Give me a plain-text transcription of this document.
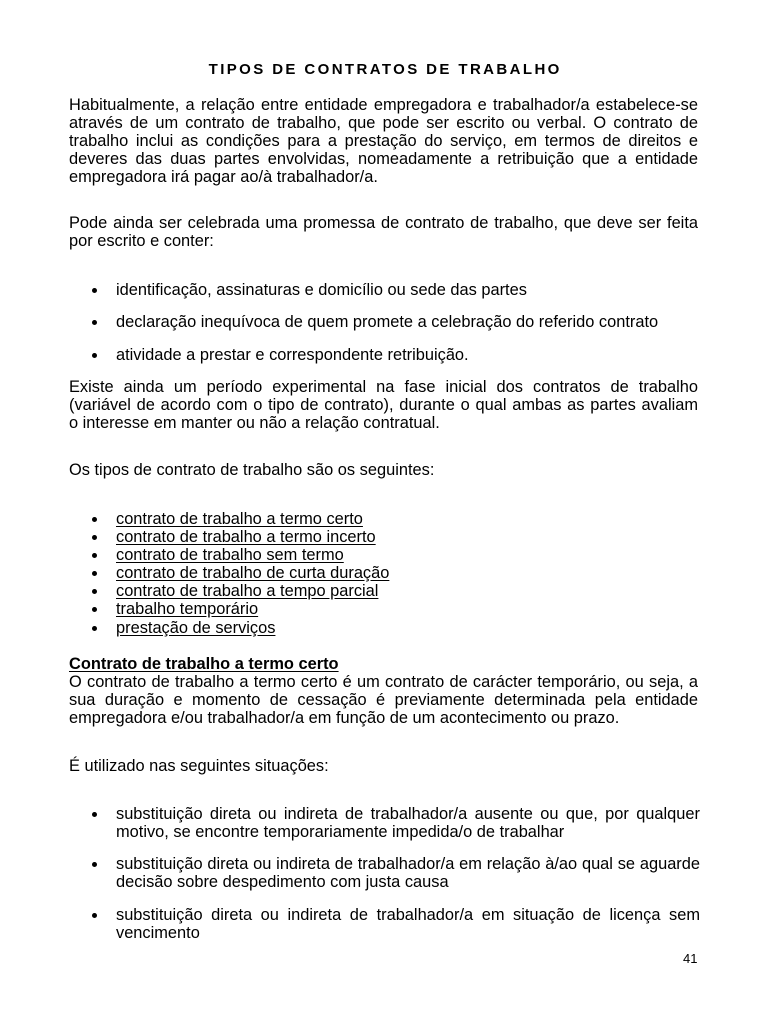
TIPOS DE CONTRATOS DE TRABALHO
Habitualmente, a relação entre entidade empregadora e trabalhador/a estabelece-se
através de um contrato de trabalho, que pode ser escrito ou verbal. O contrato de
trabalho inclui as condições para a prestação do serviço, em termos de direitos e
deveres das duas partes envolvidas, nomeadamente a retribuição que a entidade
empregadora irá pagar ao/à trabalhador/a.
Pode ainda ser celebrada uma promessa de contrato de trabalho, que deve ser feita
por escrito e conter:
identificação, assinaturas e domicílio ou sede das partes
declaração inequívoca de quem promete a celebração do referido contrato
atividade a prestar e correspondente retribuição.
Existe ainda um período experimental na fase inicial dos contratos de trabalho
(variável de acordo com o tipo de contrato), durante o qual ambas as partes avaliam
o interesse em manter ou não a relação contratual.
Os tipos de contrato de trabalho são os seguintes:
contrato de trabalho a termo certo
contrato de trabalho a termo incerto
contrato de trabalho sem termo
contrato de trabalho de curta duração
contrato de trabalho a tempo parcial
trabalho temporário
prestação de serviços
Contrato de trabalho a termo certo
O contrato de trabalho a termo certo é um contrato de carácter temporário, ou seja, a
sua duração e momento de cessação é previamente determinada pela entidade
empregadora e/ou trabalhador/a em função de um acontecimento ou prazo.
É utilizado nas seguintes situações:
substituição direta ou indireta de trabalhador/a ausente ou que, por qualquer
motivo, se encontre temporariamente impedida/o de trabalhar
substituição direta ou indireta de trabalhador/a em relação à/ao qual se aguarde
decisão sobre despedimento com justa causa
substituição direta ou indireta de trabalhador/a em situação de licença sem
vencimento
41
